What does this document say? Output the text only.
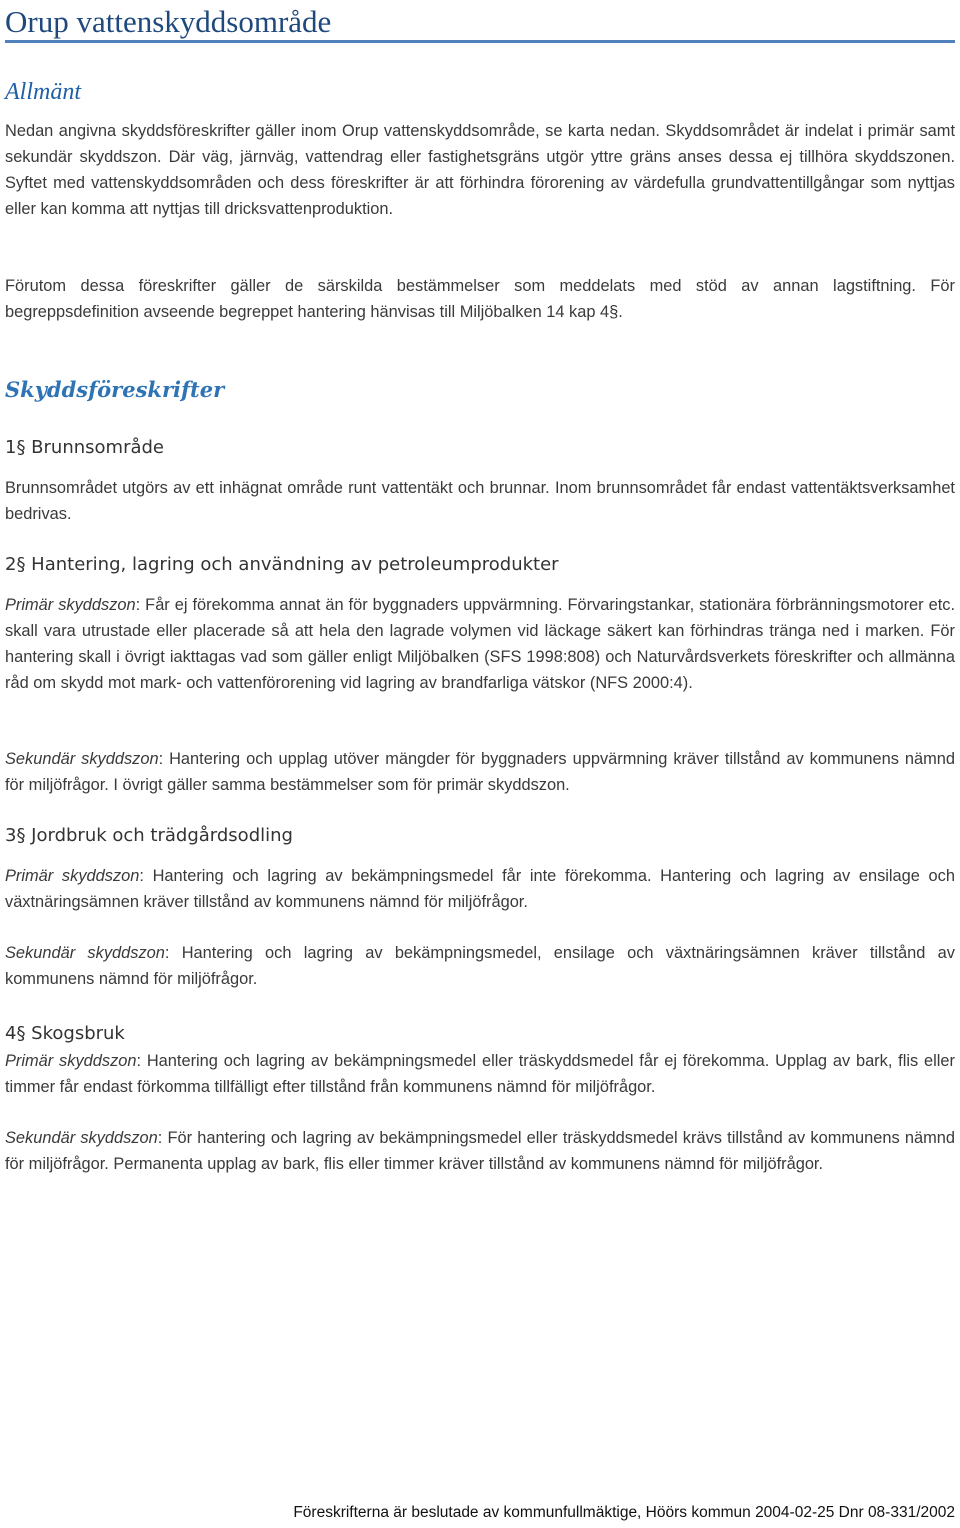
Orup vattenskyddsområde
Allmänt

Nedan angivna skyddsföreskrifter gäller inom Orup vattenskyddsområde, se karta nedan. Skyddsområdet är indelat i primär samt sekundär skyddszon. Där väg, järnväg, vattendrag eller fastighetsgräns utgör yttre gräns anses dessa ej tillhöra skyddszonen. Syftet med vattenskyddsområden och dess föreskrifter är att förhindra förorening av värdefulla grundvattentillgångar som nyttjas eller kan komma att nyttjas till dricksvattenproduktion.

Förutom dessa föreskrifter gäller de särskilda bestämmelser som meddelats med stöd av annan lagstiftning. För begreppsdefinition avseende begreppet hantering hänvisas till Miljöbalken 14 kap 4§.

Skyddsföreskrifter
1§ Brunnsområde

Brunnsområdet utgörs av ett inhägnat område runt vattentäkt och brunnar. Inom brunnsområdet får endast vattentäktsverksamhet bedrivas.

2§ Hantering, lagring och användning av petroleumprodukter

Primär skyddszon: Får ej förekomma annat än för byggnaders uppvärmning. Förvaringstankar, stationära förbränningsmotorer etc. skall vara utrustade eller placerade så att hela den lagrade volymen vid läckage säkert kan förhindras tränga ned i marken. För hantering skall i övrigt iakttagas vad som gäller enligt Miljöbalken (SFS 1998:808) och Naturvårdsverkets föreskrifter och allmänna råd om skydd mot mark- och vattenförorening vid lagring av brandfarliga vätskor (NFS 2000:4).

Sekundär skyddszon: Hantering och upplag utöver mängder för byggnaders uppvärmning kräver tillstånd av kommunens nämnd för miljöfrågor. I övrigt gäller samma bestämmelser som för primär skyddszon.

3§ Jordbruk och trädgårdsodling

Primär skyddszon: Hantering och lagring av bekämpningsmedel får inte förekomma. Hantering och lagring av ensilage och växtnäringsämnen kräver tillstånd av kommunens nämnd för miljöfrågor.

Sekundär skyddszon: Hantering och lagring av bekämpningsmedel, ensilage och växtnäringsämnen kräver tillstånd av kommunens nämnd för miljöfrågor.

4§ Skogsbruk

Primär skyddszon: Hantering och lagring av bekämpningsmedel eller träskyddsmedel får ej förekomma. Upplag av bark, flis eller timmer får endast förkomma tillfälligt efter tillstånd från kommunens nämnd för miljöfrågor.

Sekundär skyddszon: För hantering och lagring av bekämpningsmedel eller träskyddsmedel krävs tillstånd av kommunens nämnd för miljöfrågor. Permanenta upplag av bark, flis eller timmer kräver tillstånd av kommunens nämnd för miljöfrågor.

Föreskrifterna är beslutade av kommunfullmäktige, Höörs kommun 2004-02-25 Dnr 08-331/2002
